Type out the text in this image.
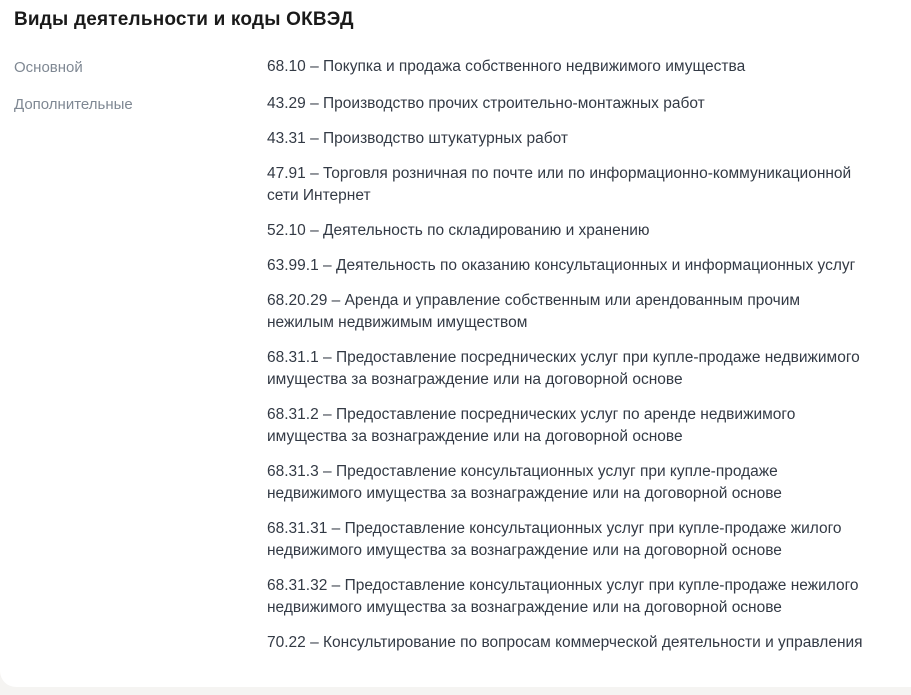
Виды деятельности и коды ОКВЭД
Основной	68.10 – Покупка и продажа собственного недвижимого имущества

Дополнительные	43.29 – Производство прочих строительно-монтажных работ

43.31 – Производство штукатурных работ

47.91 – Торговля розничная по почте или по информационно-коммуникационной сети Интернет

52.10 – Деятельность по складированию и хранению

63.99.1 – Деятельность по оказанию консультационных и информационных услуг

68.20.29 – Аренда и управление собственным или арендованным прочим нежилым недвижимым имуществом

68.31.1 – Предоставление посреднических услуг при купле-продаже недвижимого имущества за вознаграждение или на договорной основе

68.31.2 – Предоставление посреднических услуг по аренде недвижимого имущества за вознаграждение или на договорной основе

68.31.3 – Предоставление консультационных услуг при купле-продаже недвижимого имущества за вознаграждение или на договорной основе

68.31.31 – Предоставление консультационных услуг при купле-продаже жилого недвижимого имущества за вознаграждение или на договорной основе

68.31.32 – Предоставление консультационных услуг при купле-продаже нежилого недвижимого имущества за вознаграждение или на договорной основе

70.22 – Консультирование по вопросам коммерческой деятельности и управления
